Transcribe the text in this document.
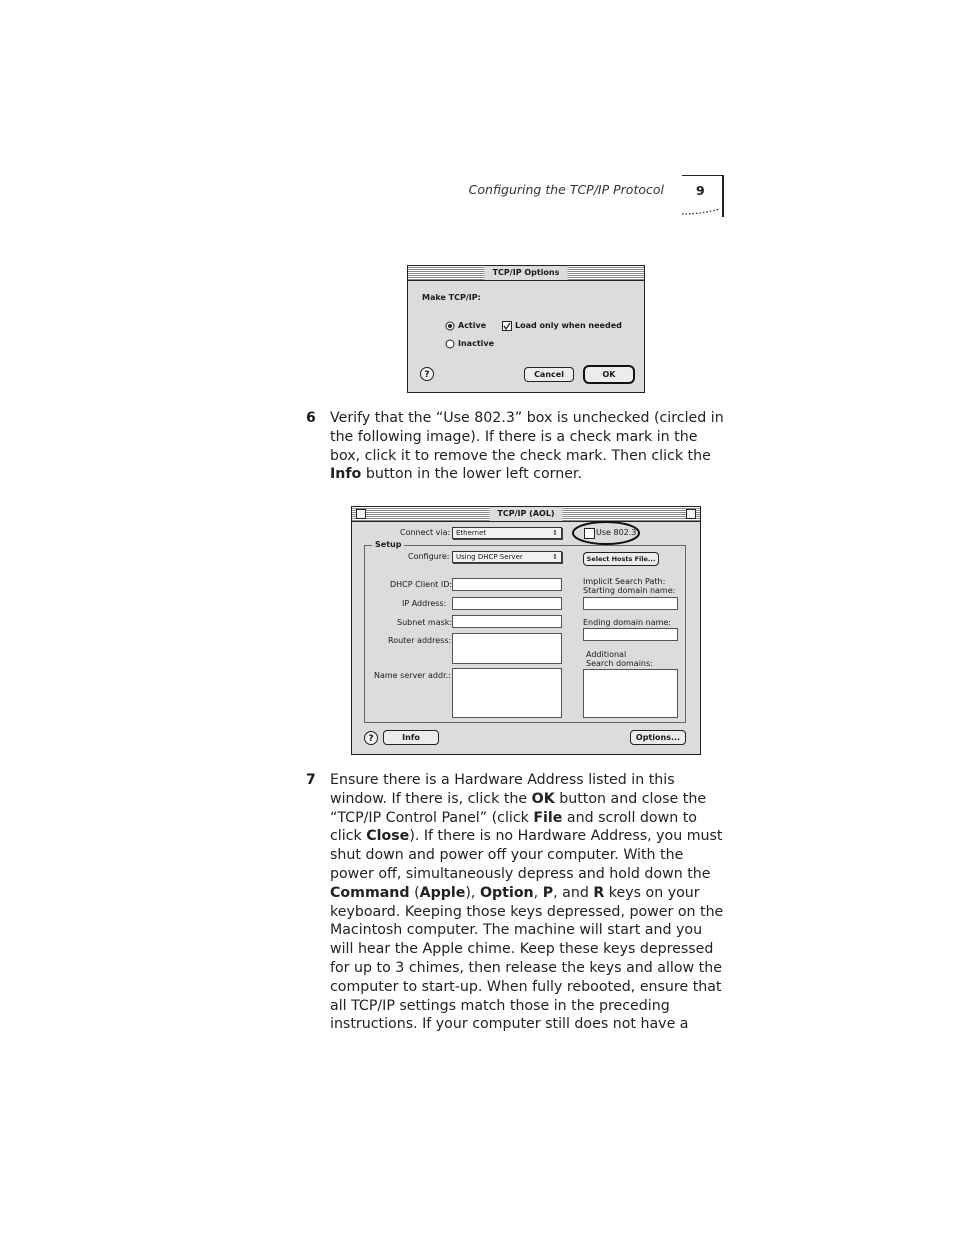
Configuring the TCP/IP Protocol	9
TCP/IP Options
Make TCP/IP:
Active	Load only when needed
Inactive
?	Cancel	OK
6 Verify that the “Use 802.3” box is unchecked (circled in the following image). If there is a check mark in the box, click it to remove the check mark. Then click the Info button in the lower left corner.

TCP/IP (AOL)
Connect via: Ethernet	⇕	Use 802.3
Setup
Configure: Using DHCP Server	⇕	Select Hosts File...
DHCP Client ID:
IP Address:
Subnet mask:
Router address:
Name server addr.:
Implicit Search Path:
Starting domain name:
Ending domain name:
Additional
Search domains:
?	Info	Options...
7 Ensure there is a Hardware Address listed in this window. If there is, click the OK button and close the “TCP/IP Control Panel” (click File and scroll down to click Close). If there is no Hardware Address, you must shut down and power off your computer. With the power off, simultaneously depress and hold down the Command (Apple), Option, P, and R keys on your keyboard. Keeping those keys depressed, power on the Macintosh computer. The machine will start and you will hear the Apple chime. Keep these keys depressed for up to 3 chimes, then release the keys and allow the computer to start-up. When fully rebooted, ensure that all TCP/IP settings match those in the preceding instructions. If your computer still does not have a
